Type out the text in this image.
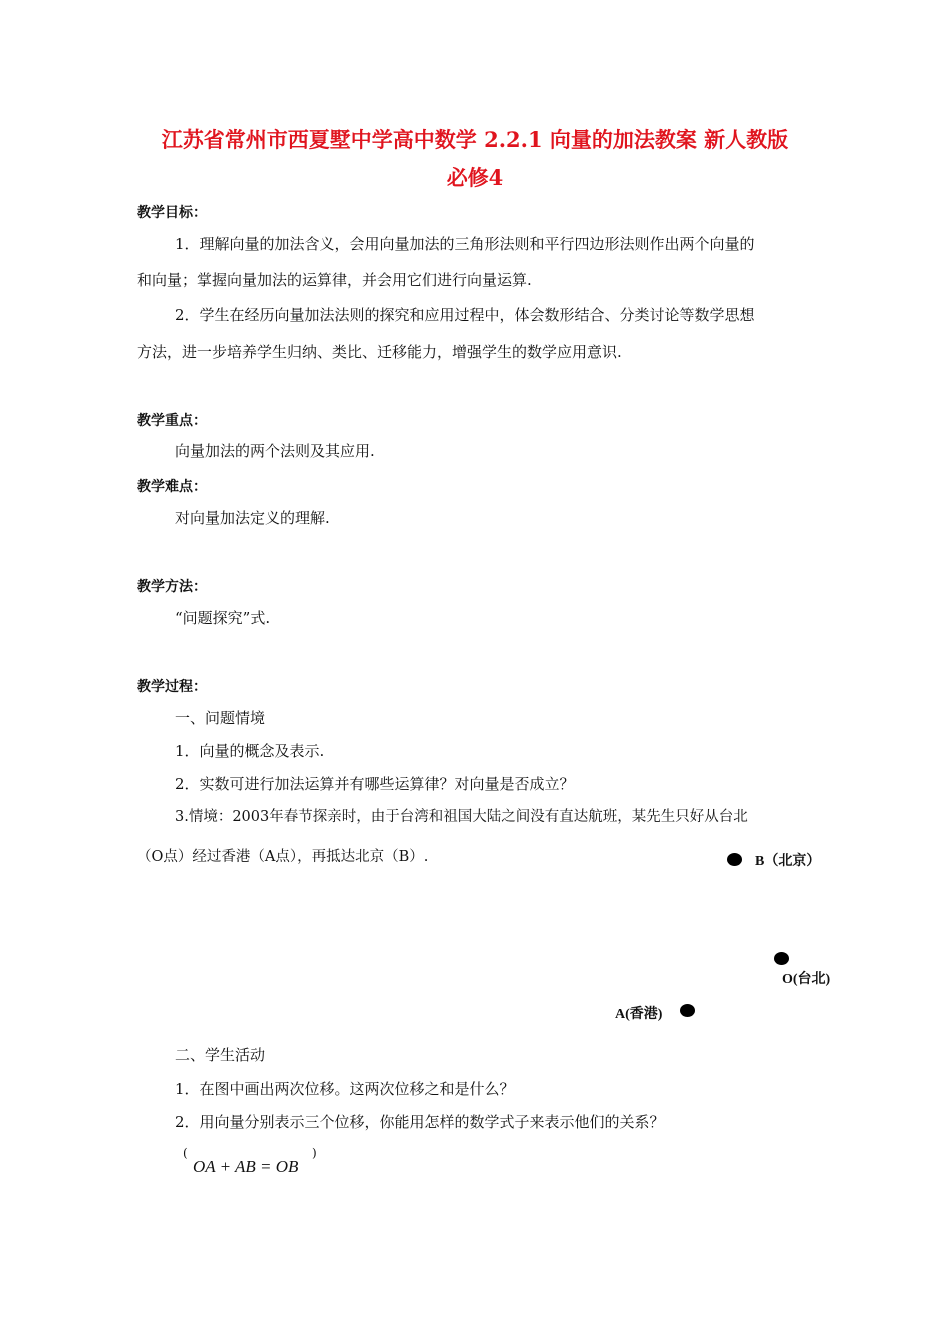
江苏省常州市西夏墅中学高中数学 2.2.1 向量的加法教案 新人教版
必修4
教学目标：
1．理解向量的加法含义，会用向量加法的三角形法则和平行四边形法则作出两个向量的
和向量；掌握向量加法的运算律，并会用它们进行向量运算.
2．学生在经历向量加法法则的探究和应用过程中，体会数形结合、分类讨论等数学思想
方法，进一步培养学生归纳、类比、迁移能力，增强学生的数学应用意识.
教学重点：
向量加法的两个法则及其应用.
教学难点：
对向量加法定义的理解.
教学方法：
“问题探究”式.
教学过程：
一、问题情境
1．向量的概念及表示.
2．实数可进行加法运算并有哪些运算律？对向量是否成立？
3.情境：2003年春节探亲时，由于台湾和祖国大陆之间没有直达航班，某先生只好从台北
（O点）经过香港（A点），再抵达北京（B）.	B（北京）
O(台北)
A(香港)
二、学生活动
1．在图中画出两次位移。这两次位移之和是什么？
2．用向量分别表示三个位移，你能用怎样的数学式子来表示他们的关系？
(
OA + AB = OB
)
